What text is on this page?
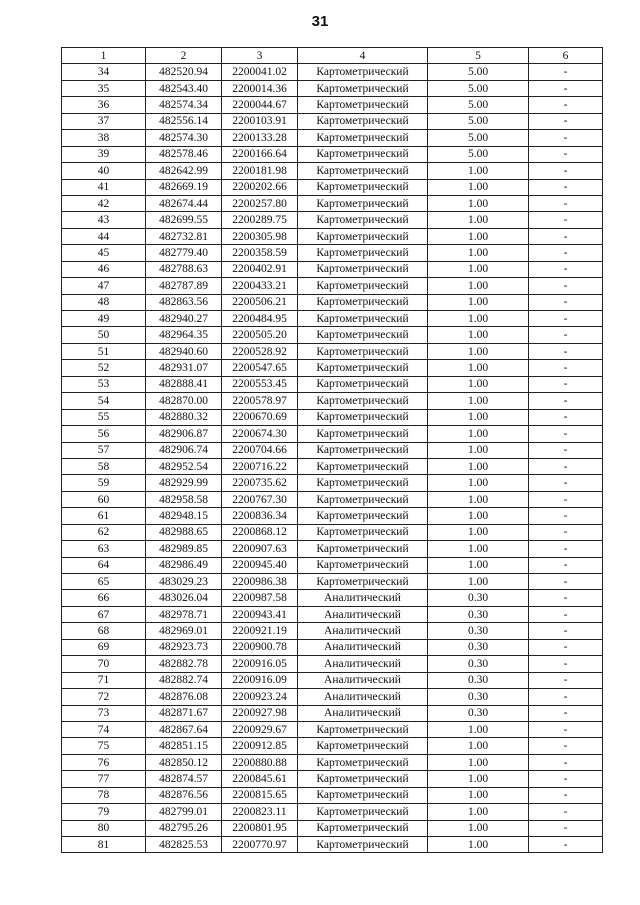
31
1	2	3	4	5	6
34	482520.94	2200041.02	Картометрический	5.00	-
35	482543.40	2200014.36	Картометрический	5.00	-
36	482574.34	2200044.67	Картометрический	5.00	-
37	482556.14	2200103.91	Картометрический	5.00	-
38	482574.30	2200133.28	Картометрический	5.00	-
39	482578.46	2200166.64	Картометрический	5.00	-
40	482642.99	2200181.98	Картометрический	1.00	-
41	482669.19	2200202.66	Картометрический	1.00	-
42	482674.44	2200257.80	Картометрический	1.00	-
43	482699.55	2200289.75	Картометрический	1.00	-
44	482732.81	2200305.98	Картометрический	1.00	-
45	482779.40	2200358.59	Картометрический	1.00	-
46	482788.63	2200402.91	Картометрический	1.00	-
47	482787.89	2200433.21	Картометрический	1.00	-
48	482863.56	2200506.21	Картометрический	1.00	-
49	482940.27	2200484.95	Картометрический	1.00	-
50	482964.35	2200505.20	Картометрический	1.00	-
51	482940.60	2200528.92	Картометрический	1.00	-
52	482931.07	2200547.65	Картометрический	1.00	-
53	482888.41	2200553.45	Картометрический	1.00	-
54	482870.00	2200578.97	Картометрический	1.00	-
55	482880.32	2200670.69	Картометрический	1.00	-
56	482906.87	2200674.30	Картометрический	1.00	-
57	482906.74	2200704.66	Картометрический	1.00	-
58	482952.54	2200716.22	Картометрический	1.00	-
59	482929.99	2200735.62	Картометрический	1.00	-
60	482958.58	2200767.30	Картометрический	1.00	-
61	482948.15	2200836.34	Картометрический	1.00	-
62	482988.65	2200868.12	Картометрический	1.00	-
63	482989.85	2200907.63	Картометрический	1.00	-
64	482986.49	2200945.40	Картометрический	1.00	-
65	483029.23	2200986.38	Картометрический	1.00	-
66	483026.04	2200987.58	Аналитический	0.30	-
67	482978.71	2200943.41	Аналитический	0.30	-
68	482969.01	2200921.19	Аналитический	0.30	-
69	482923.73	2200900.78	Аналитический	0.30	-
70	482882.78	2200916.05	Аналитический	0.30	-
71	482882.74	2200916.09	Аналитический	0.30	-
72	482876.08	2200923.24	Аналитический	0.30	-
73	482871.67	2200927.98	Аналитический	0.30	-
74	482867.64	2200929.67	Картометрический	1.00	-
75	482851.15	2200912.85	Картометрический	1.00	-
76	482850.12	2200880.88	Картометрический	1.00	-
77	482874.57	2200845.61	Картометрический	1.00	-
78	482876.56	2200815.65	Картометрический	1.00	-
79	482799.01	2200823.11	Картометрический	1.00	-
80	482795.26	2200801.95	Картометрический	1.00	-
81	482825.53	2200770.97	Картометрический	1.00	-
